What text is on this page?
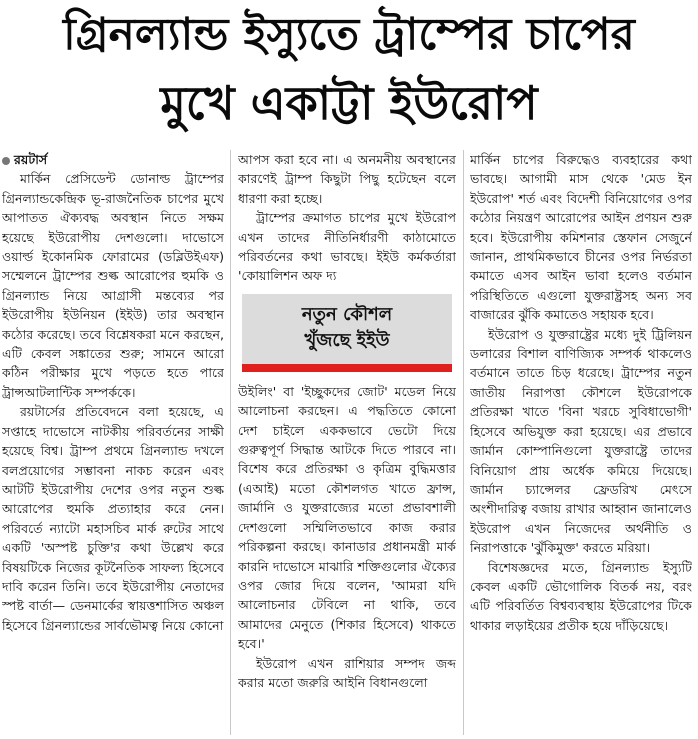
গ্রিনল্যান্ড ইস্যুতে ট্রাম্পের চাপের
মুখে একাট্টা ইউরোপ

রয়টার্স

মার্কিন প্রেসিডেন্ট ডোনাল্ড ট্রাম্পের গ্রিনল্যান্ডকেন্দ্রিক ভূ-রাজনৈতিক চাপের মুখে আপাতত ঐক্যবদ্ধ অবস্থান নিতে সক্ষম হয়েছে ইউরোপীয় দেশগুলো। দাভোসে ওয়ার্ল্ড ইকোনমিক ফোরামের (ডব্লিউইএফ) সম্মেলনে ট্রাম্পের শুল্ক আরোপের হুমকি ও গ্রিনল্যান্ড নিয়ে আগ্রাসী মন্তব্যের পর ইউরোপীয় ইউনিয়ন (ইইউ) তার অবস্থান কঠোর করেছে। তবে বিশ্লেষকরা মনে করছেন, এটি কেবল সঙ্কাতের শুরু; সামনে আরো কঠিন পরীক্ষার মুখে পড়তে হতে পারে ট্রান্সআটলান্টিক সম্পর্ককে।

রয়টার্সের প্রতিবেদনে বলা হয়েছে, এ সপ্তাহে দাভোসে নাটকীয় পরিবর্তনের সাক্ষী হয়েছে বিশ্ব। ট্রাম্প প্রথমে গ্রিনল্যান্ড দখলে বলপ্রয়োগের সম্ভাবনা নাকচ করেন এবং আটটি ইউরোপীয় দেশের ওপর নতুন শুল্ক আরোপের হুমকি প্রত্যাহার করে নেন। পরিবর্তে ন্যাটো মহাসচিব মার্ক রুটের সাথে একটি 'অস্পষ্ট চুক্তি'র কথা উল্লেখ করে বিষয়টিকে নিজের কূটনৈতিক সাফল্য হিসেবে দাবি করেন তিনি। তবে ইউরোপীয় নেতাদের স্পষ্ট বার্তা— ডেনমার্কের স্বায়ত্তশাসিত অঞ্চল হিসেবে গ্রিনল্যান্ডের সার্বভৌমত্ব নিয়ে কোনো

আপস করা হবে না। এ অনমনীয় অবস্থানের কারণেই ট্রাম্প কিছুটা পিছু হটেছেন বলে ধারণা করা হচ্ছে।

ট্রাম্পের ক্রমাগত চাপের মুখে ইউরোপ এখন তাদের নীতিনির্ধারণী কাঠামোতে পরিবর্তনের কথা ভাবছে। ইইউ কর্মকর্তারা 'কোয়ালিশন অফ দ্য

নতুন কৌশল
খুঁজছে ইইউ

উইলিং' বা 'ইচ্ছুকদের জোট' মডেল নিয়ে আলোচনা করছেন। এ পদ্ধতিতে কোনো দেশ চাইলে এককভাবে ভেটো দিয়ে গুরুত্বপূর্ণ সিদ্ধান্ত আটকে দিতে পারবে না। বিশেষ করে প্রতিরক্ষা ও কৃত্রিম বুদ্ধিমত্তার (এআই) মতো কৌশলগত খাতে ফ্রান্স, জার্মানি ও যুক্তরাজ্যের মতো প্রভাবশালী দেশগুলো সম্মিলিতভাবে কাজ করার পরিকল্পনা করছে। কানাডার প্রধানমন্ত্রী মার্ক কারনি দাভোসে মাঝারি শক্তিগুলোর ঐক্যের ওপর জোর দিয়ে বলেন, 'আমরা যদি আলোচনার টেবিলে না থাকি, তবে আমাদের মেনুতে (শিকার হিসেবে) থাকতে হবে।'

ইউরোপ এখন রাশিয়ার সম্পদ জব্দ করার মতো জরুরি আইনি বিধানগুলো

মার্কিন চাপের বিরুদ্ধেও ব্যবহারের কথা ভাবছে। আগামী মাস থেকে 'মেড ইন ইউরোপ' শর্ত এবং বিদেশী বিনিয়োগের ওপর কঠোর নিয়ন্ত্রণ আরোপের আইন প্রণয়ন শুরু হবে। ইউরোপীয় কমিশনার স্তেফান সেজুর্নে জানান, প্রাথমিকভাবে চীনের ওপর নির্ভরতা কমাতে এসব আইন ভাবা হলেও বর্তমান পরিস্থিতিতে এগুলো যুক্তরাষ্ট্রসহ অন্য সব বাজারের ঝুঁকি কমাতেও সহায়ক হবে।

ইউরোপ ও যুক্তরাষ্ট্রের মধ্যে দুই ট্রিলিয়ন ডলারের বিশাল বাণিজ্যিক সম্পর্ক থাকলেও বর্তমানে তাতে চিড় ধরেছে। ট্রাম্পের নতুন জাতীয় নিরাপত্তা কৌশলে ইউরোপকে প্রতিরক্ষা খাতে 'বিনা খরচে সুবিধাভোগী' হিসেবে অভিযুক্ত করা হয়েছে। এর প্রভাবে জার্মান কোম্পানিগুলো যুক্তরাষ্ট্রে তাদের বিনিয়োগ প্রায় অর্ধেক কমিয়ে দিয়েছে। জার্মান চ্যান্সেলর ফ্রেডরিখ মেৎসে অংশীদারিত্ব বজায় রাখার আহ্বান জানালেও ইউরোপ এখন নিজেদের অর্থনীতি ও নিরাপত্তাকে 'ঝুঁকিমুক্ত' করতে মরিয়া।

বিশেষজ্ঞদের মতে, গ্রিনল্যান্ড ইস্যুটি কেবল একটি ভৌগোলিক বিতর্ক নয়, বরং এটি পরিবর্তিত বিশ্বব্যবস্থায় ইউরোপের টিকে থাকার লড়াইয়ের প্রতীক হয়ে দাঁড়িয়েছে।
